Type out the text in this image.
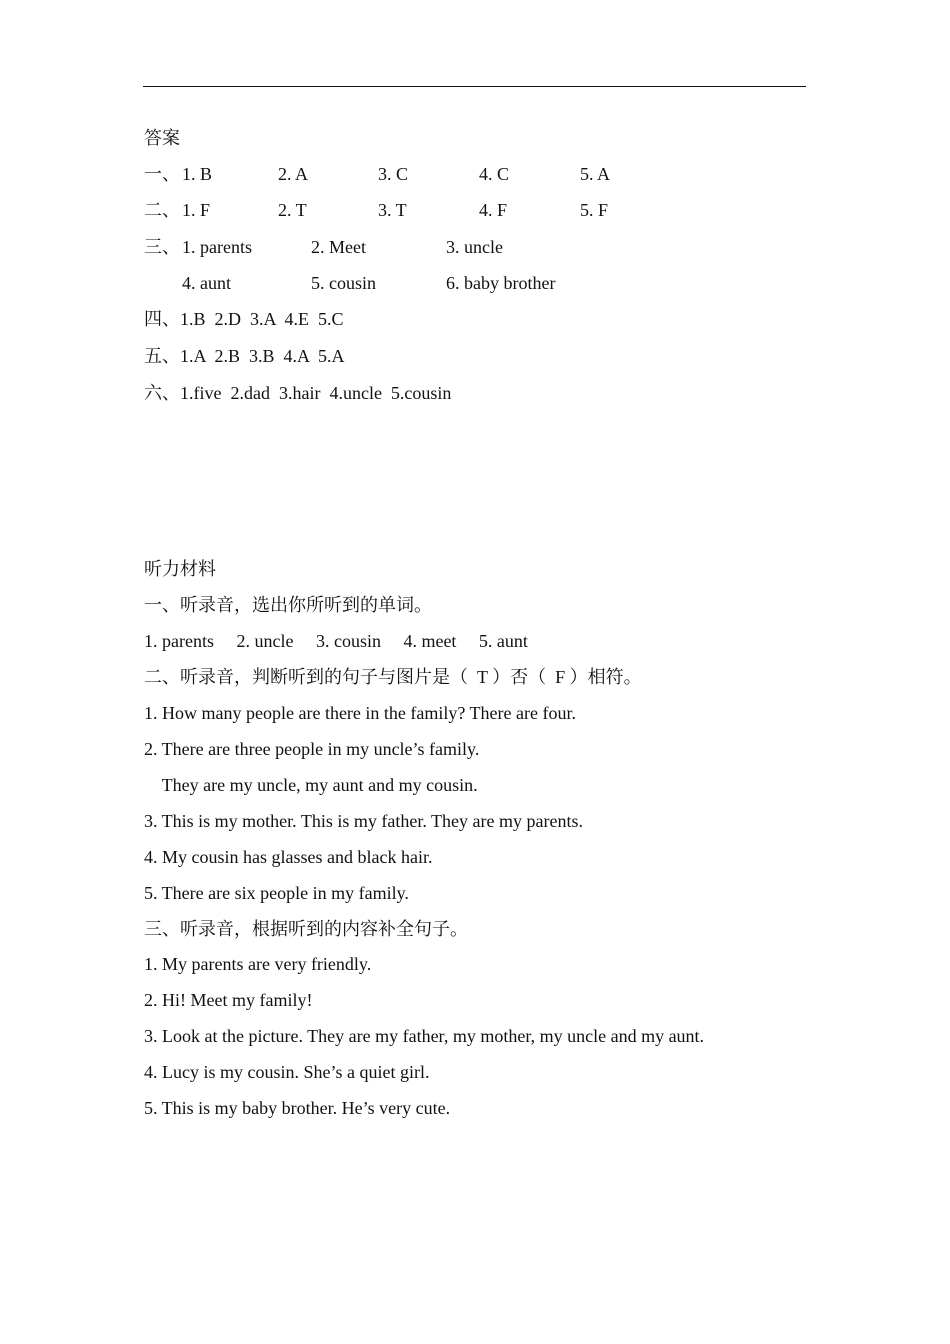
答案
一、 1. B	2. A	3. C	4. C	5. A
二、 1. F	2. T	3. T	4. F	5. F
三、 1. parents	2. Meet	3. uncle
4. aunt	5. cousin	6. baby brother
四、1.B  2.D  3.A  4.E  5.C
五、1.A  2.B  3.B  4.A  5.A
六、1.five  2.dad  3.hair  4.uncle  5.cousin
听力材料
一、听录音，选出你所听到的单词。
1. parents     2. uncle     3. cousin     4. meet     5. aunt
二、听录音，判断听到的句子与图片是（  T ）否（  F ）相符。
1. How many people are there in the family? There are four.
2. There are three people in my uncle’s family.
They are my uncle, my aunt and my cousin.
3. This is my mother. This is my father. They are my parents.
4. My cousin has glasses and black hair.
5. There are six people in my family.
三、听录音，根据听到的内容补全句子。
1. My parents are very friendly.
2. Hi! Meet my family!
3. Look at the picture. They are my father, my mother, my uncle and my aunt.
4. Lucy is my cousin. She’s a quiet girl.
5. This is my baby brother. He’s very cute.
